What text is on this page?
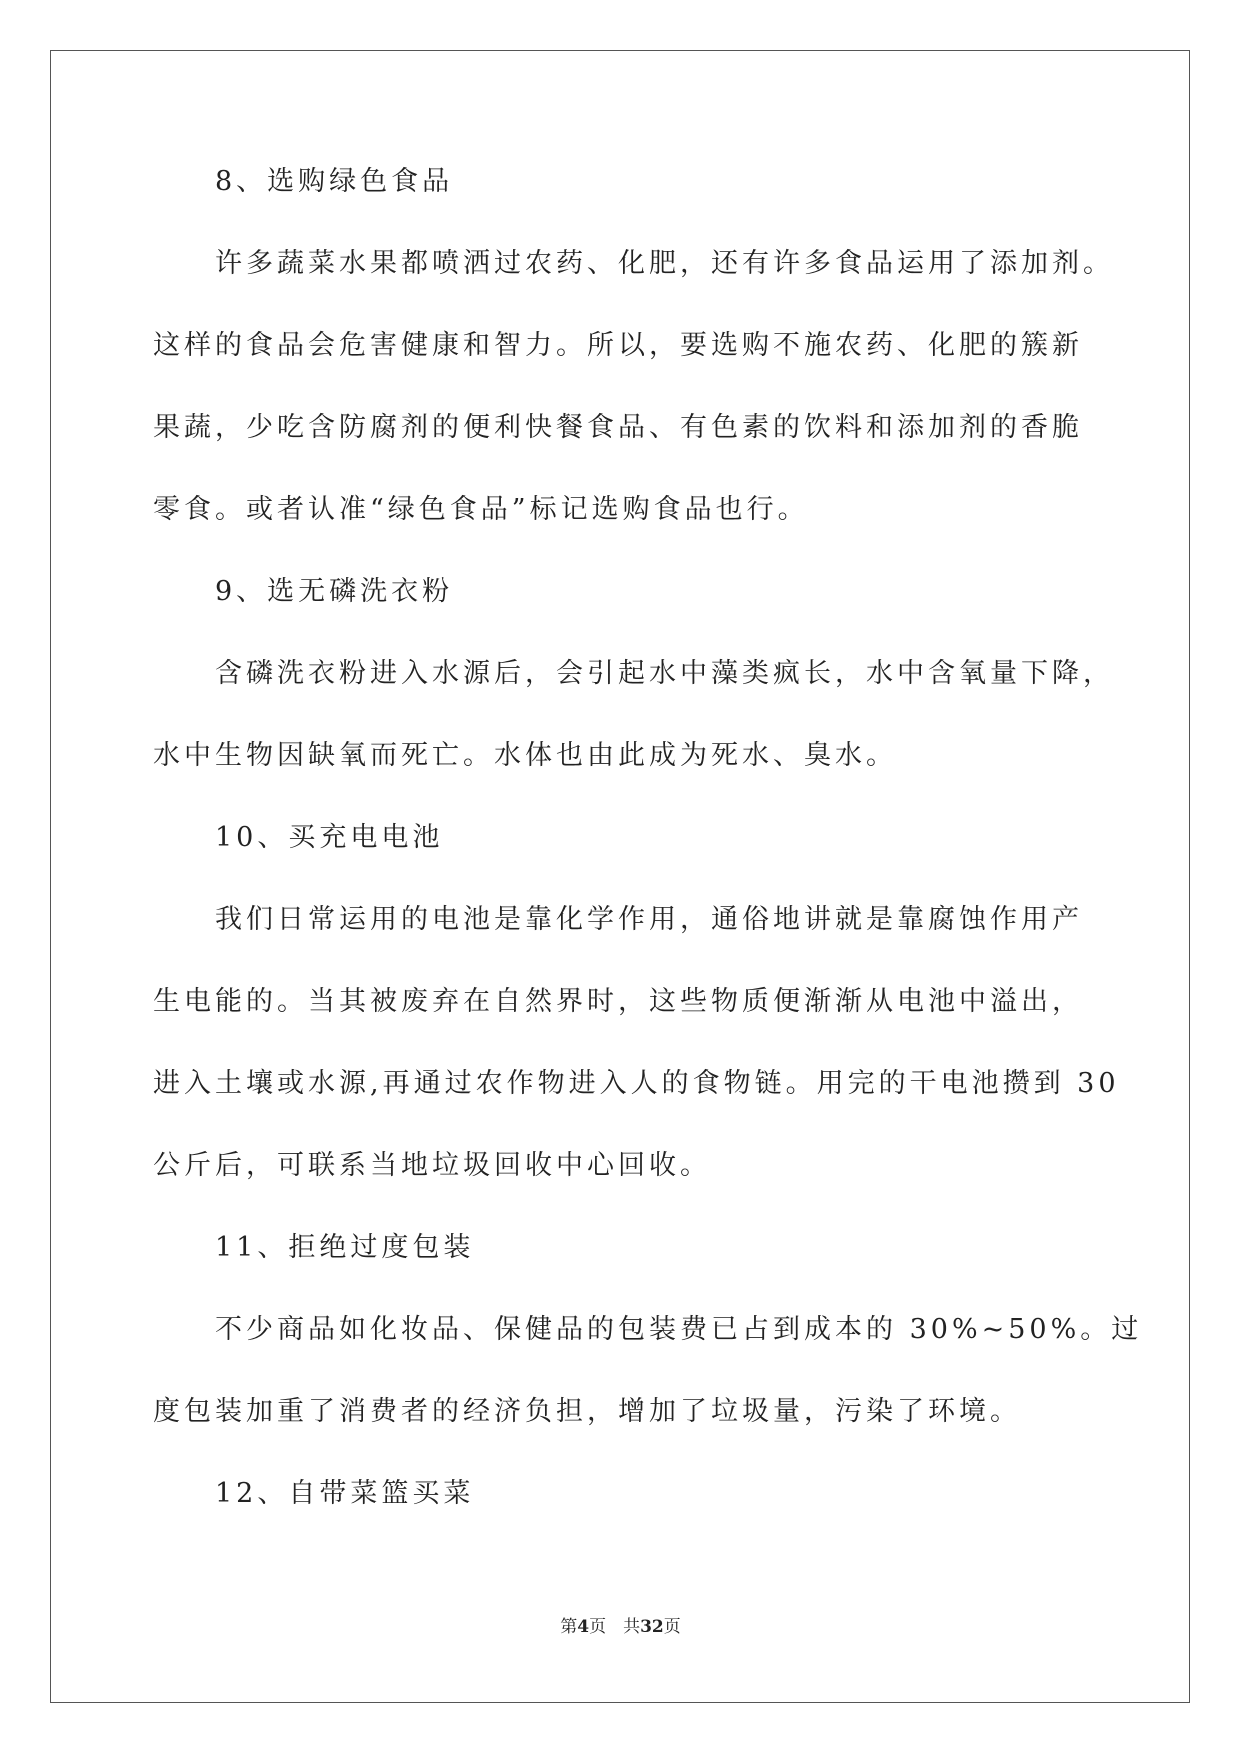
8、选购绿色食品
许多蔬菜水果都喷洒过农药、化肥，还有许多食品运用了添加剂。
这样的食品会危害健康和智力。所以，要选购不施农药、化肥的簇新
果蔬，少吃含防腐剂的便利快餐食品、有色素的饮料和添加剂的香脆
零食。或者认准“绿色食品”标记选购食品也行。
9、选无磷洗衣粉
含磷洗衣粉进入水源后，会引起水中藻类疯长，水中含氧量下降，
水中生物因缺氧而死亡。水体也由此成为死水、臭水。
10、买充电电池
我们日常运用的电池是靠化学作用，通俗地讲就是靠腐蚀作用产
生电能的。当其被废弃在自然界时，这些物质便渐渐从电池中溢出，
进入土壤或水源,再通过农作物进入人的食物链。用完的干电池攒到 30
公斤后，可联系当地垃圾回收中心回收。
11、拒绝过度包装
不少商品如化妆品、保健品的包装费已占到成本的 30%~50%。过
度包装加重了消费者的经济负担，增加了垃圾量，污染了环境。
12、自带菜篮买菜
第4页　共32页
